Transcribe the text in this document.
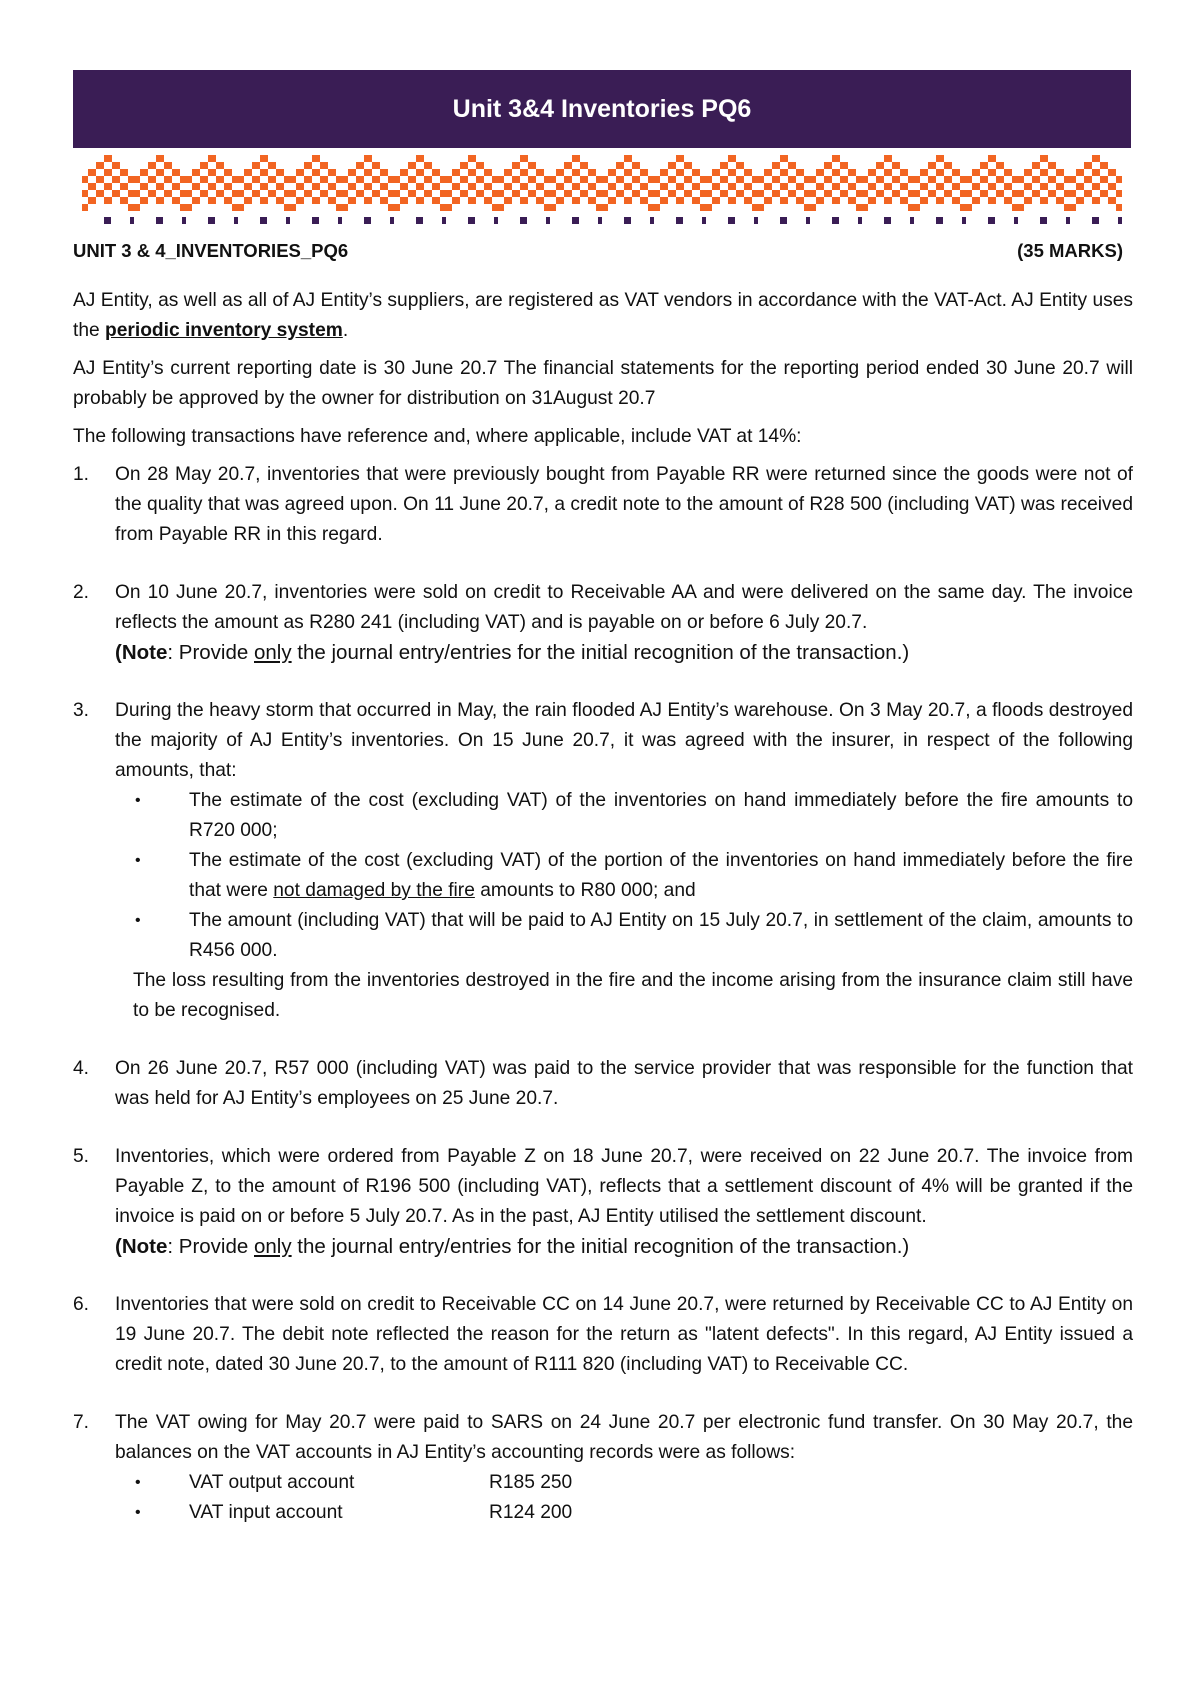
Unit 3&4 Inventories PQ6
UNIT 3 & 4_INVENTORIES_PQ6	(35 MARKS)

AJ Entity, as well as all of AJ Entity’s suppliers, are registered as VAT vendors in accordance with the VAT-Act. AJ Entity uses the periodic inventory system.

AJ Entity’s current reporting date is 30 June 20.7 The financial statements for the reporting period ended 30 June 20.7 will probably be approved by the owner for distribution on 31August 20.7

The following transactions have reference and, where applicable, include VAT at 14%:

1. On 28 May 20.7, inventories that were previously bought from Payable RR were returned since the goods were not of the quality that was agreed upon. On 11 June 20.7, a credit note to the amount of R28 500 (including VAT) was received from Payable RR in this regard.
2. On 10 June 20.7, inventories were sold on credit to Receivable AA and were delivered on the same day. The invoice reflects the amount as R280 241 (including VAT) and is payable on or before 6 July 20.7.
(Note: Provide only the journal entry/entries for the initial recognition of the transaction.)
3. During the heavy storm that occurred in May, the rain flooded AJ Entity’s warehouse. On 3 May 20.7, a floods destroyed the majority of AJ Entity’s inventories. On 15 June 20.7, it was agreed with the insurer, in respect of the following amounts, that:
• The estimate of the cost (excluding VAT) of the inventories on hand immediately before the fire amounts to R720 000;
• The estimate of the cost (excluding VAT) of the portion of the inventories on hand immediately before the fire that were not damaged by the fire amounts to R80 000; and
• The amount (including VAT) that will be paid to AJ Entity on 15 July 20.7, in settlement of the claim, amounts to R456 000.
The loss resulting from the inventories destroyed in the fire and the income arising from the insurance claim still have to be recognised.
4. On 26 June 20.7, R57 000 (including VAT) was paid to the service provider that was responsible for the function that was held for AJ Entity’s employees on 25 June 20.7.
5. Inventories, which were ordered from Payable Z on 18 June 20.7, were received on 22 June 20.7. The invoice from Payable Z, to the amount of R196 500 (including VAT), reflects that a settlement discount of 4% will be granted if the invoice is paid on or before 5 July 20.7. As in the past, AJ Entity utilised the settlement discount.
(Note: Provide only the journal entry/entries for the initial recognition of the transaction.)
6. Inventories that were sold on credit to Receivable CC on 14 June 20.7, were returned by Receivable CC to AJ Entity on 19 June 20.7. The debit note reflected the reason for the return as "latent defects". In this regard, AJ Entity issued a credit note, dated 30 June 20.7, to the amount of R111 820 (including VAT) to Receivable CC.
7. The VAT owing for May 20.7 were paid to SARS on 24 June 20.7 per electronic fund transfer. On 30 May 20.7, the balances on the VAT accounts in AJ Entity’s accounting records were as follows:
• VAT output account	R185 250
• VAT input account	R124 200
